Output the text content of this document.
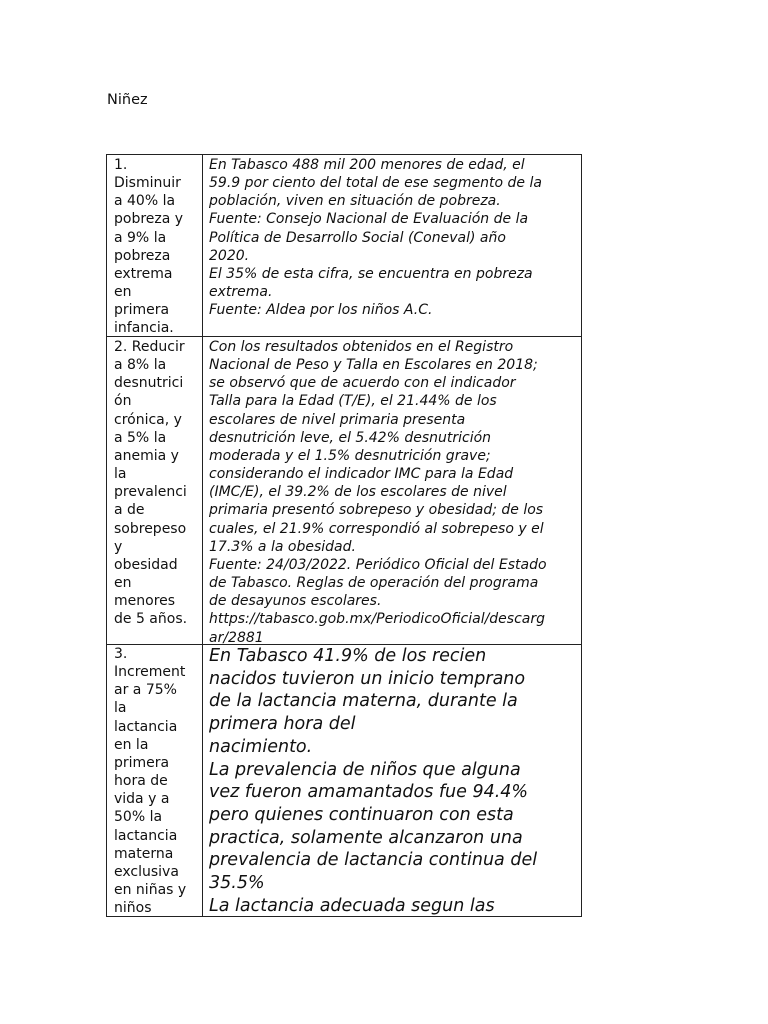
Niñez
1.
Disminuir
a 40% la
pobreza y
a 9% la
pobreza
extrema
en
primera
infancia.
En Tabasco 488 mil 200 menores de edad, el
59.9 por ciento del total de ese segmento de la
población, viven en situación de pobreza.
Fuente: Consejo Nacional de Evaluación de la
Política de Desarrollo Social (Coneval) año
2020.
El 35% de esta cifra, se encuentra en pobreza
extrema.
Fuente: Aldea por los niños A.C.
2. Reducir
a 8% la
desnutrici
ón
crónica, y
a 5% la
anemia y
la
prevalenci
a de
sobrepeso
y
obesidad
en
menores
de 5 años.
Con los resultados obtenidos en el Registro
Nacional de Peso y Talla en Escolares en 2018;
se observó que de acuerdo con el indicador
Talla para la Edad (T/E), el 21.44% de los
escolares de nivel primaria presenta
desnutrición leve, el 5.42% desnutrición
moderada y el 1.5% desnutrición grave;
considerando el indicador IMC para la Edad
(IMC/E), el 39.2% de los escolares de nivel
primaria presentó sobrepeso y obesidad; de los
cuales, el 21.9% correspondió al sobrepeso y el
17.3% a la obesidad.
Fuente: 24/03/2022. Periódico Oficial del Estado
de Tabasco. Reglas de operación del programa
de desayunos escolares.
https://tabasco.gob.mx/PeriodicoOficial/descarg
ar/2881
3.
Increment
ar a 75%
la
lactancia
en la
primera
hora de
vida y a
50% la
lactancia
materna
exclusiva
en niñas y
niños
En Tabasco 41.9% de los recien
nacidos tuvieron un inicio temprano
de la lactancia materna, durante la
primera hora del
nacimiento.
La prevalencia de niños que alguna
vez fueron amamantados fue 94.4%
pero quienes continuaron con esta
practica, solamente alcanzaron una
prevalencia de lactancia continua del
35.5%
La lactancia adecuada segun las
